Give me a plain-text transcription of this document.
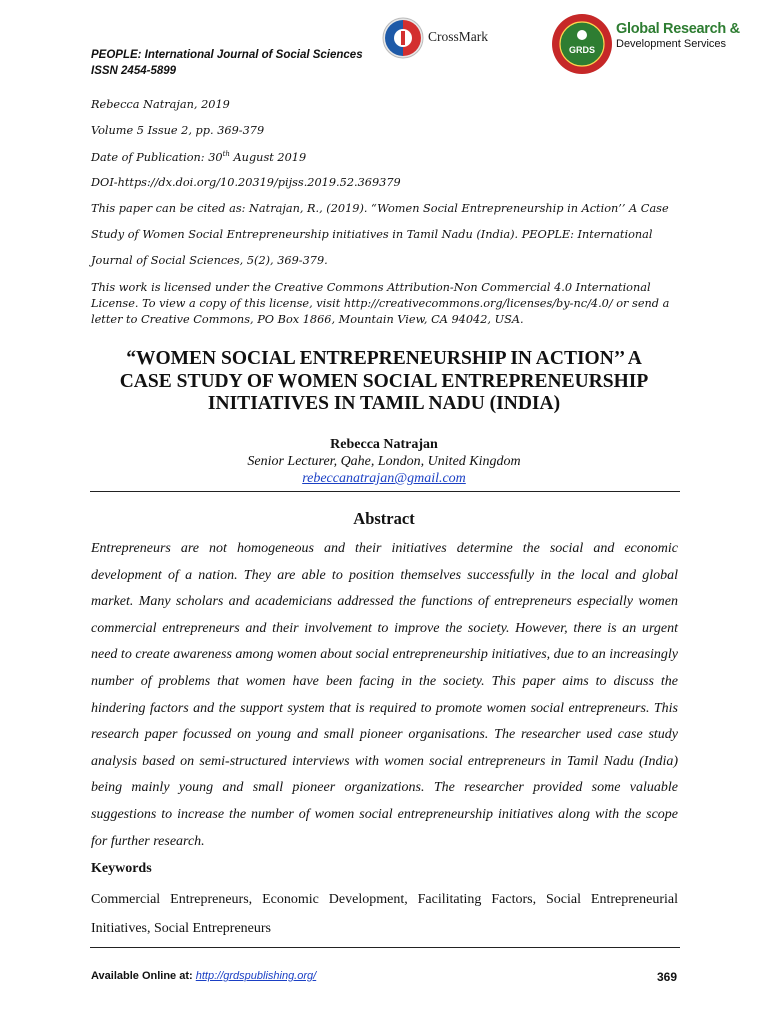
PEOPLE: International Journal of Social Sciences
ISSN 2454-5899
CrossMark
GRDS
Global Research &
Development Services
Rebecca Natrajan, 2019
Volume 5 Issue 2, pp. 369-379
Date of Publication: 30th August 2019
DOI-https://dx.doi.org/10.20319/pijss.2019.52.369379
This paper can be cited as: Natrajan, R., (2019). “Women Social Entrepreneurship in Action’’ A Case
Study of Women Social Entrepreneurship initiatives in Tamil Nadu (India). PEOPLE: International
Journal of Social Sciences, 5(2), 369-379.
This work is licensed under the Creative Commons Attribution-Non Commercial 4.0 International License. To view a copy of this license, visit http://creativecommons.org/licenses/by-nc/4.0/ or send a letter to Creative Commons, PO Box 1866, Mountain View, CA 94042, USA.
“WOMEN SOCIAL ENTREPRENEURSHIP IN ACTION’’ A
CASE STUDY OF WOMEN SOCIAL ENTREPRENEURSHIP
INITIATIVES IN TAMIL NADU (INDIA)
Rebecca Natrajan
Senior Lecturer, Qahe, London, United Kingdom
rebeccanatrajan@gmail.com
Abstract
Entrepreneurs are not homogeneous and their initiatives determine the social and economic development of a nation. They are able to position themselves successfully in the local and global market. Many scholars and academicians addressed the functions of entrepreneurs especially women commercial entrepreneurs and their involvement to improve the society. However, there is an urgent need to create awareness among women about social entrepreneurship initiatives, due to an increasingly number of problems that women have been facing in the society. This paper aims to discuss the hindering factors and the support system that is required to promote women social entrepreneurs. This research paper focussed on young and small pioneer organisations. The researcher used case study analysis based on semi-structured interviews with women social entrepreneurs in Tamil Nadu (India) being mainly young and small pioneer organizations. The researcher provided some valuable suggestions to increase the number of women social entrepreneurship initiatives along with the scope for further research.
Keywords
Commercial Entrepreneurs, Economic Development, Facilitating Factors, Social Entrepreneurial Initiatives, Social Entrepreneurs
Available Online at: http://grdspublishing.org/	369
